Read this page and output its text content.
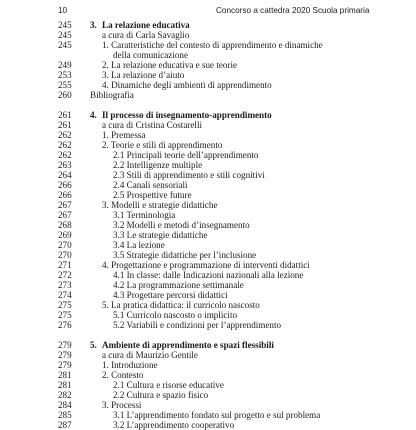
10	Concorso a cattedra 2020 Scuola primaria
245	3. La relazione educativa
245	a cura di Carla Savaglio
245	1. Caratteristiche del contesto di apprendimento e dinamiche
della comunicazione
249	2. La relazione educativa e sue teorie
253	3. La relazione d’aiuto
255	4. Dinamiche degli ambienti di apprendimento
260	Bibliografia
261	4. Il processo di insegnamento-apprendimento
261	a cura di Cristina Costarelli
262	1. Premessa
262	2. Teorie e stili di apprendimento
262	2.1 Principali teorie dell’apprendimento
263	2.2 Intelligenze multiple
264	2.3 Stili di apprendimento e stili cognitivi
266	2.4 Canali sensoriali
266	2.5 Prospettive future
267	3. Modelli e strategie didattiche
267	3.1 Terminologia
268	3.2 Modelli e metodi d’insegnamento
269	3.3 Le strategie didattiche
270	3.4 La lezione
270	3.5 Strategie didattiche per l’inclusione
271	4. Progettazione e programmazione di interventi didattici
272	4.1 In classe: dalle Indicazioni nazionali alla lezione
273	4.2 La programmazione settimanale
274	4.3 Progettare percorsi didattici
275	5. La pratica didattica: il curricolo nascosto
275	5.1 Curricolo nascosto o implicito
276	5.2 Variabili e condizioni per l’apprendimento
279	5. Ambiente di apprendimento e spazi flessibili
279	a cura di Maurizio Gentile
279	1. Introduzione
281	2. Contesto
281	2.1 Cultura e risorse educative
282	2.2 Cultura e spazio fisico
284	3. Processi
285	3.1 L’apprendimento fondato sul progetto e sul problema
287	3.2 L’apprendimento cooperativo
